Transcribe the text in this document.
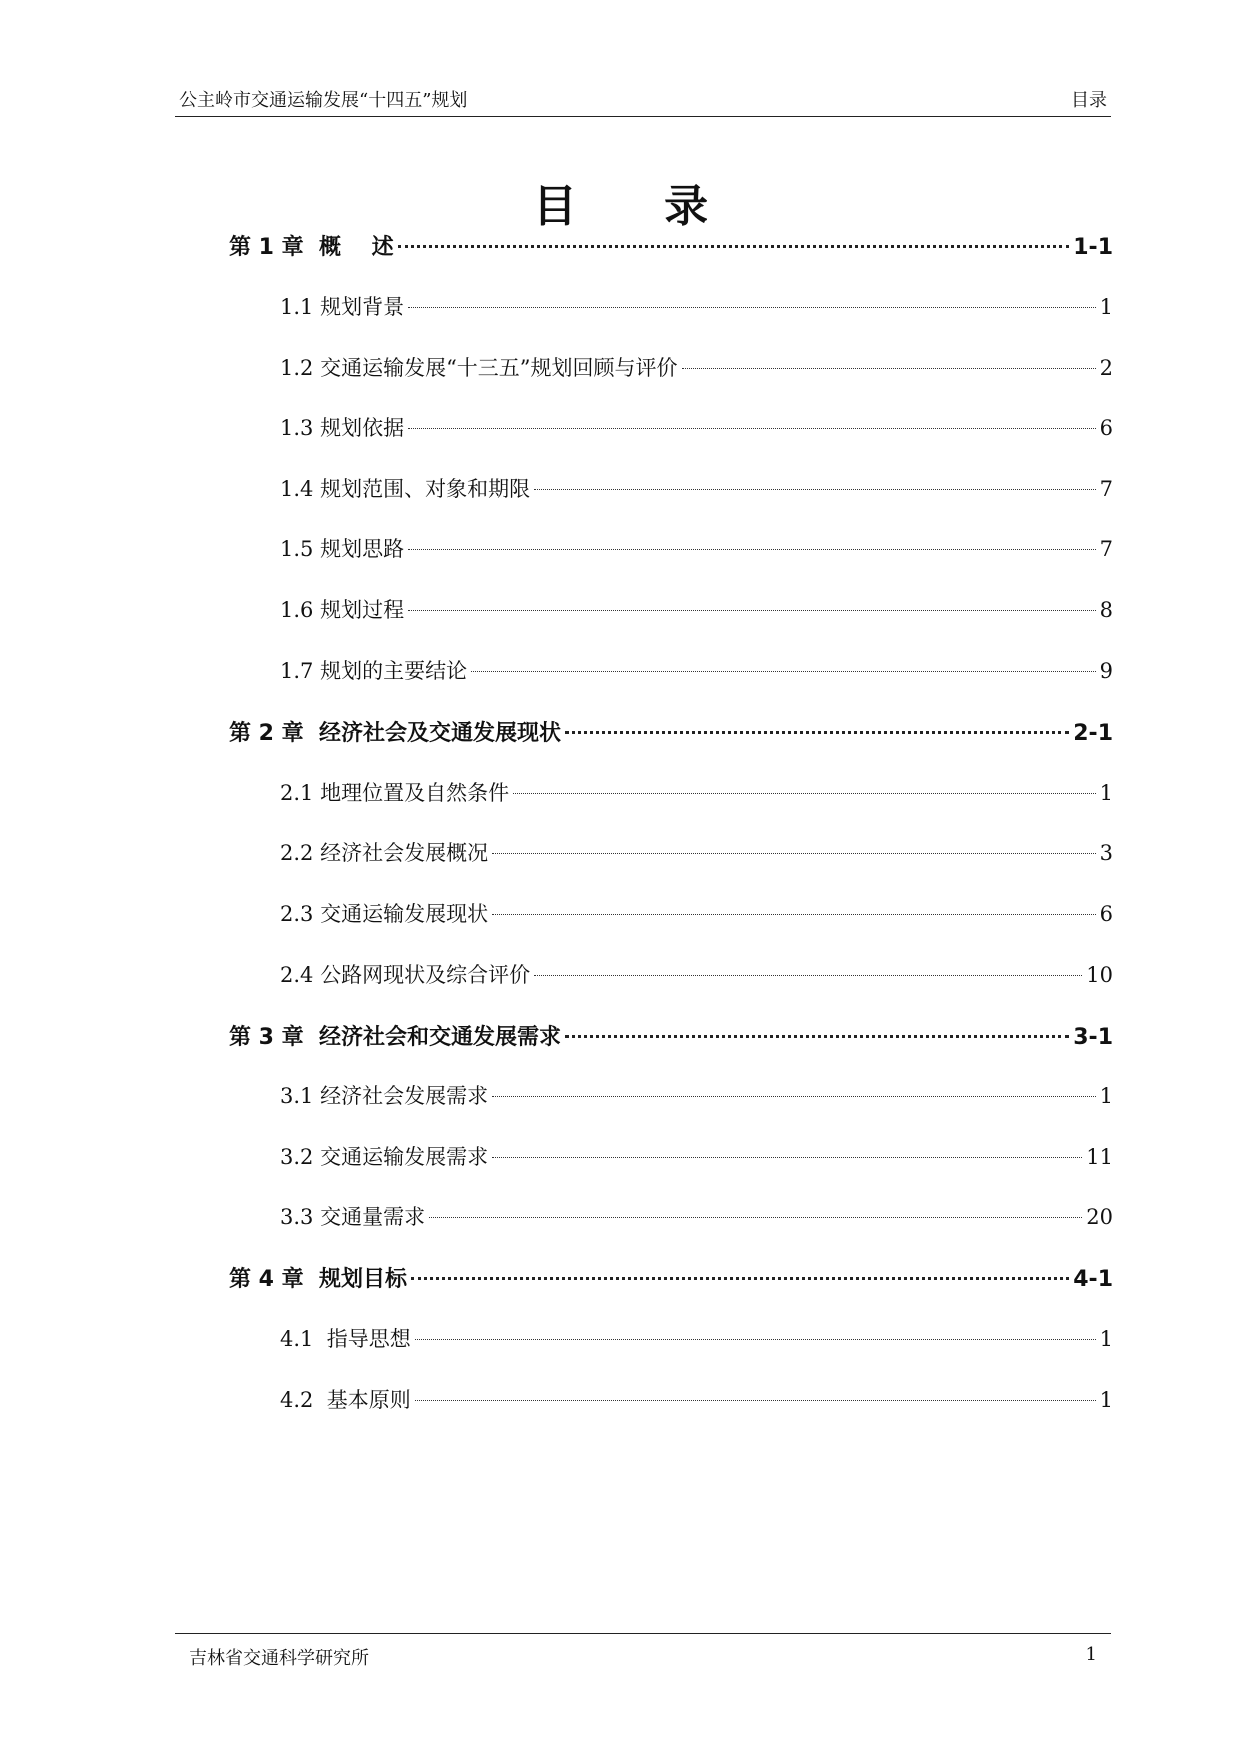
公主岭市交通运输发展“十四五”规划	目录
目 录
第 1 章  概    述	1-1
1.1 规划背景	1
1.2 交通运输发展“十三五”规划回顾与评价	2
1.3 规划依据	6
1.4 规划范围、对象和期限	7
1.5 规划思路	7
1.6 规划过程	8
1.7 规划的主要结论	9
第 2 章  经济社会及交通发展现状	2-1
2.1 地理位置及自然条件	1
2.2 经济社会发展概况	3
2.3 交通运输发展现状	6
2.4 公路网现状及综合评价	10
第 3 章  经济社会和交通发展需求	3-1
3.1 经济社会发展需求	1
3.2 交通运输发展需求	11
3.3 交通量需求	20
第 4 章  规划目标	4-1
4.1  指导思想	1
4.2  基本原则	1
吉林省交通科学研究所	1
